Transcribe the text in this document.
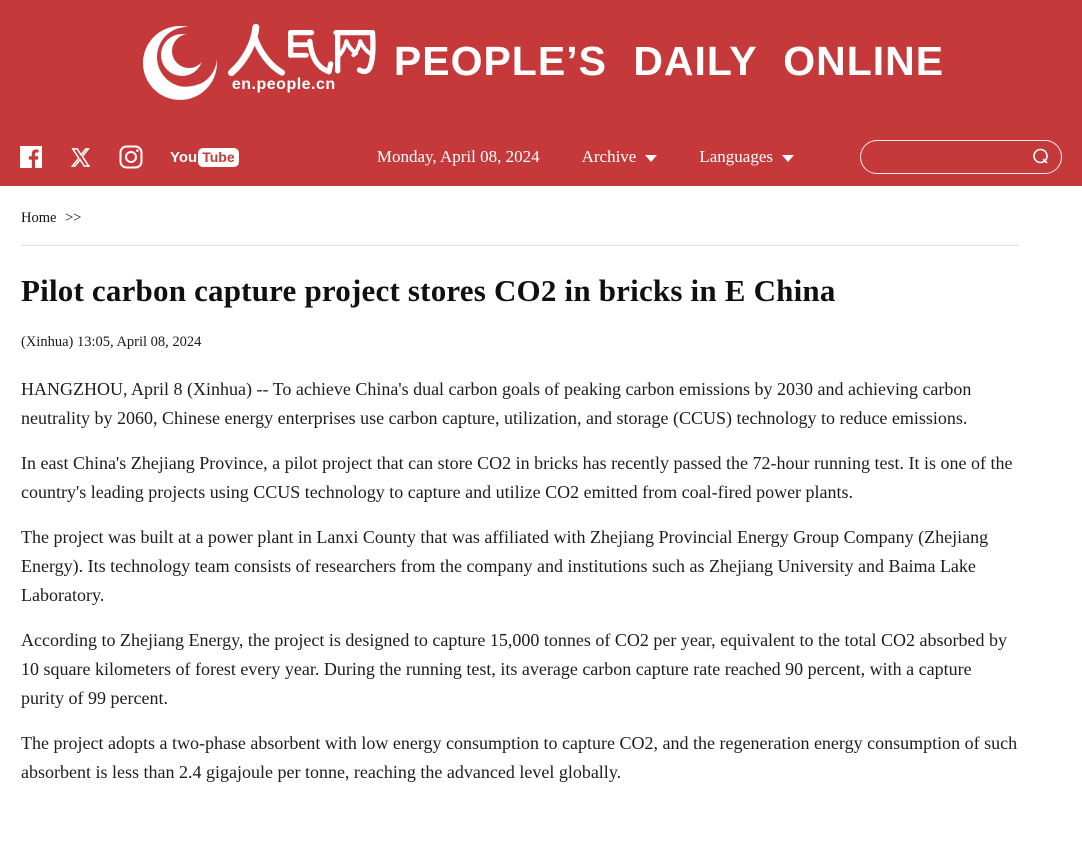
en.people.cn
PEOPLE’S DAILY ONLINE
You Tube	Monday, April 08, 2024 Archive	Languages
Home >>
Pilot carbon capture project stores CO2 in bricks in E China
(Xinhua) 13:05, April 08, 2024

HANGZHOU, April 8 (Xinhua) -- To achieve China's dual carbon goals of peaking carbon emissions by 2030 and achieving carbon neutrality by 2060, Chinese energy enterprises use carbon capture, utilization, and storage (CCUS) technology to reduce emissions.

In east China's Zhejiang Province, a pilot project that can store CO2 in bricks has recently passed the 72-hour running test. It is one of the country's leading projects using CCUS technology to capture and utilize CO2 emitted from coal-fired power plants.

The project was built at a power plant in Lanxi County that was affiliated with Zhejiang Provincial Energy Group Company (Zhejiang Energy). Its technology team consists of researchers from the company and institutions such as Zhejiang University and Baima Lake Laboratory.

According to Zhejiang Energy, the project is designed to capture 15,000 tonnes of CO2 per year, equivalent to the total CO2 absorbed by 10 square kilometers of forest every year. During the running test, its average carbon capture rate reached 90 percent, with a capture purity of 99 percent.

The project adopts a two-phase absorbent with low energy consumption to capture CO2, and the regeneration energy consumption of such absorbent is less than 2.4 gigajoule per tonne, reaching the advanced level globally.
